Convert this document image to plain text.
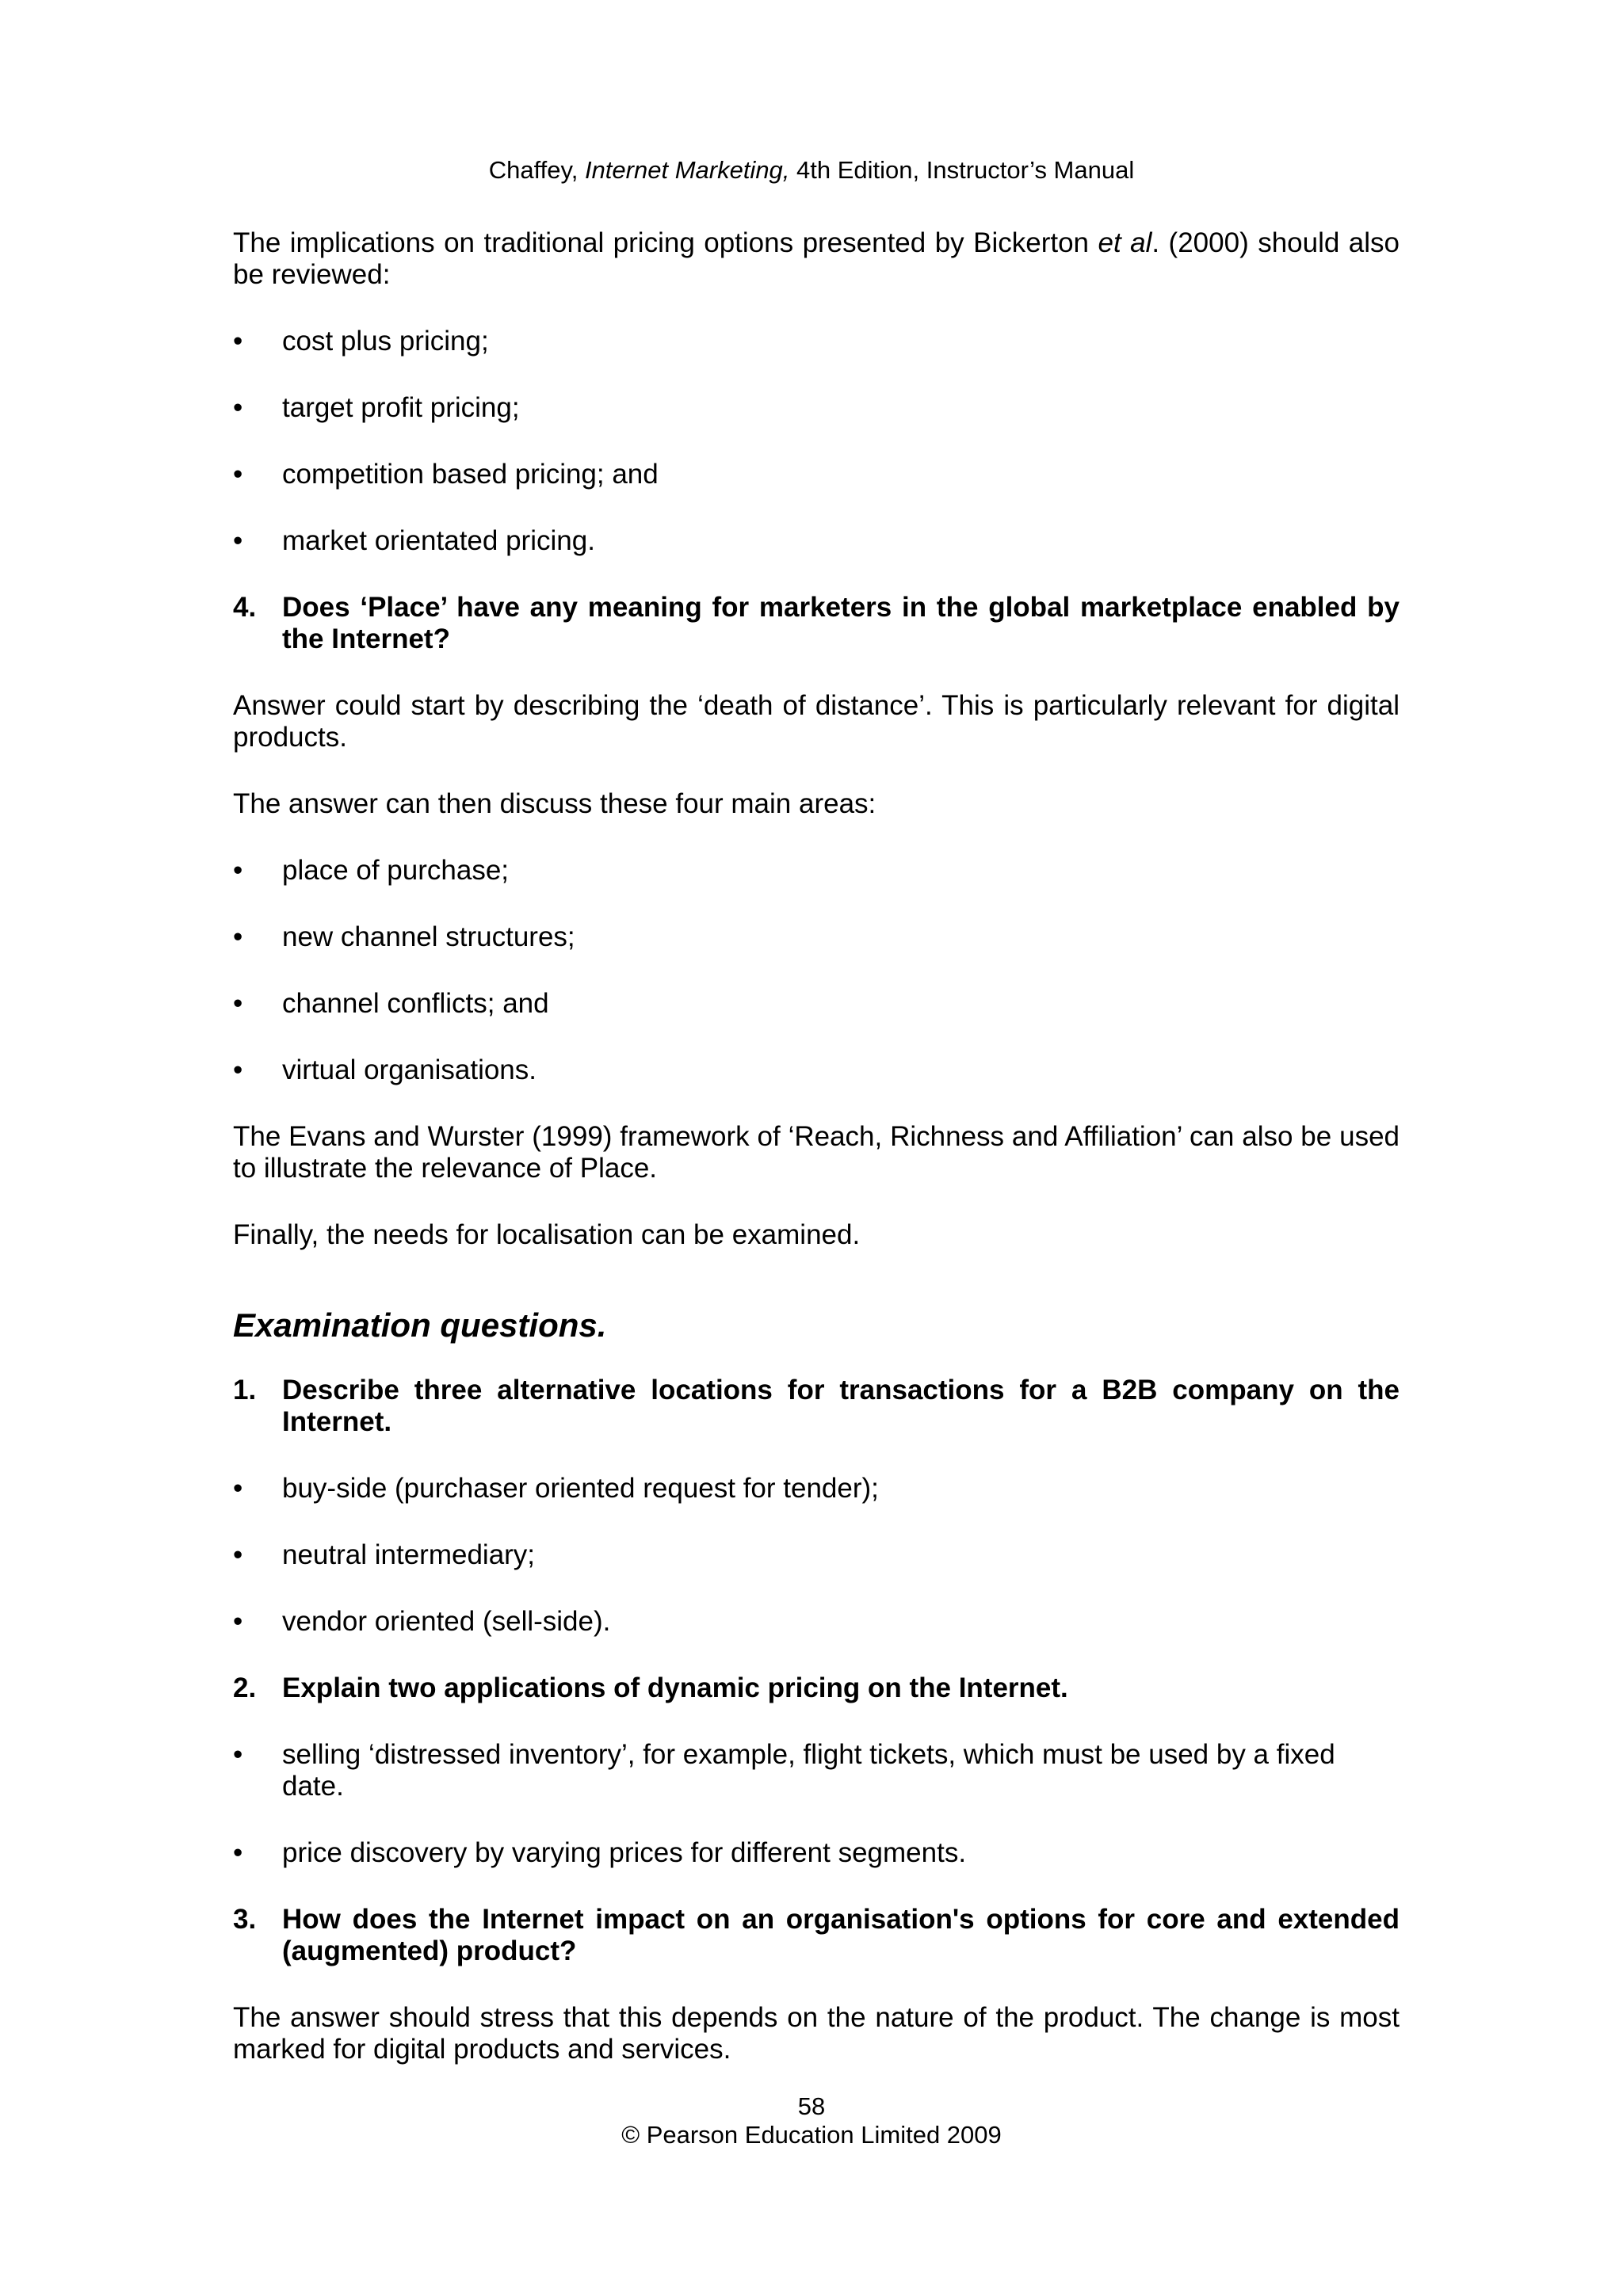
Chaffey, Internet Marketing, 4th Edition, Instructor’s Manual

The implications on traditional pricing options presented by Bickerton et al. (2000) should also be reviewed:

• cost plus pricing;

• target profit pricing;

• competition based pricing; and

• market orientated pricing.

4. Does ‘Place’ have any meaning for marketers in the global marketplace enabled by the Internet?

Answer could start by describing the ‘death of distance’. This is particularly relevant for digital products.

The answer can then discuss these four main areas:

• place of purchase;

• new channel structures;

• channel conflicts; and

• virtual organisations.

The Evans and Wurster (1999) framework of ‘Reach, Richness and Affiliation’ can also be used to illustrate the relevance of Place.

Finally, the needs for localisation can be examined.

Examination questions.

1. Describe three alternative locations for transactions for a B2B company on the Internet.

• buy-side (purchaser oriented request for tender);

• neutral intermediary;

• vendor oriented (sell-side).

2. Explain two applications of dynamic pricing on the Internet.

• selling ‘distressed inventory’, for example, flight tickets, which must be used by a fixed date.

• price discovery by varying prices for different segments.

3. How does the Internet impact on an organisation's options for core and extended (augmented) product?

The answer should stress that this depends on the nature of the product. The change is most marked for digital products and services.

58
© Pearson Education Limited 2009
